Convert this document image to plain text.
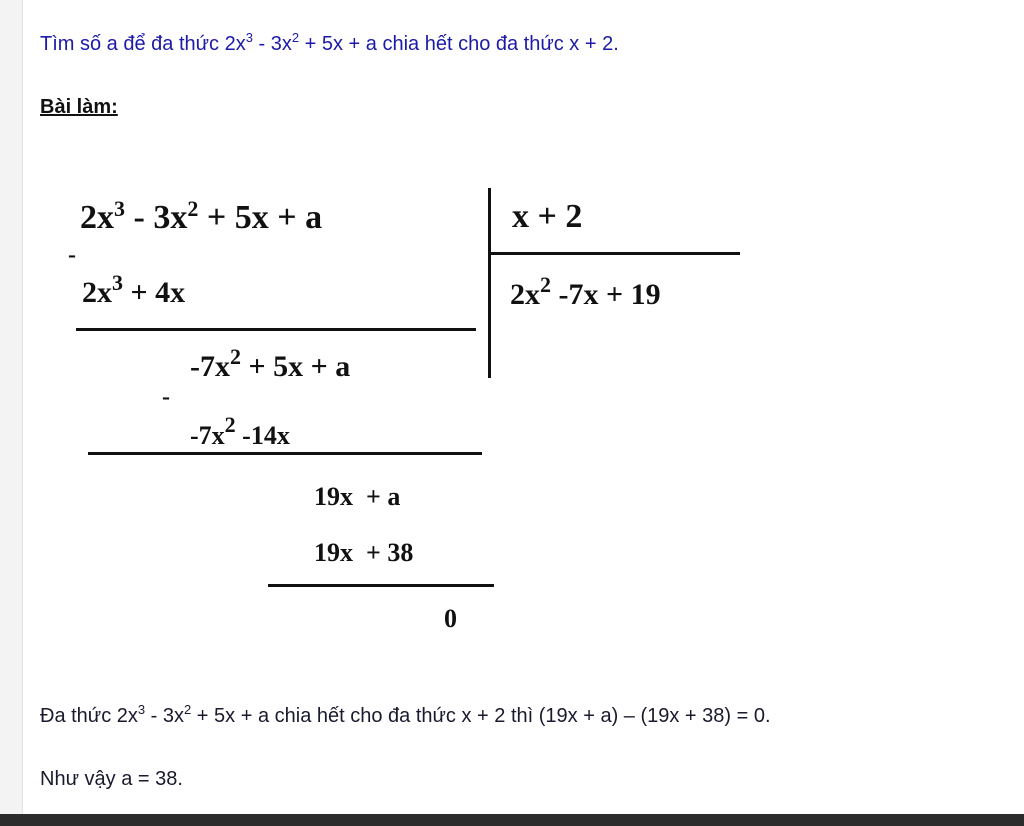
Tìm số a để đa thức $2x^3 - 3x^2 + 5x + a$ chia hết cho đa thức x + 2.
Bài làm:
$2x^3 - 3x^2 + 5x + a$	x + 2
$2x^2$ -7x + 19
-
$2x^3 + 4x$
$-7x^2 + 5x + a$
-
$-7x^2$ -14x
19x  + a
19x  + 38
0
Đa thức $2x^3 - 3x^2 + 5x + a$ chia hết cho đa thức x + 2 thì (19x + a) – (19x + 38) = 0.
Như vậy a = 38.
